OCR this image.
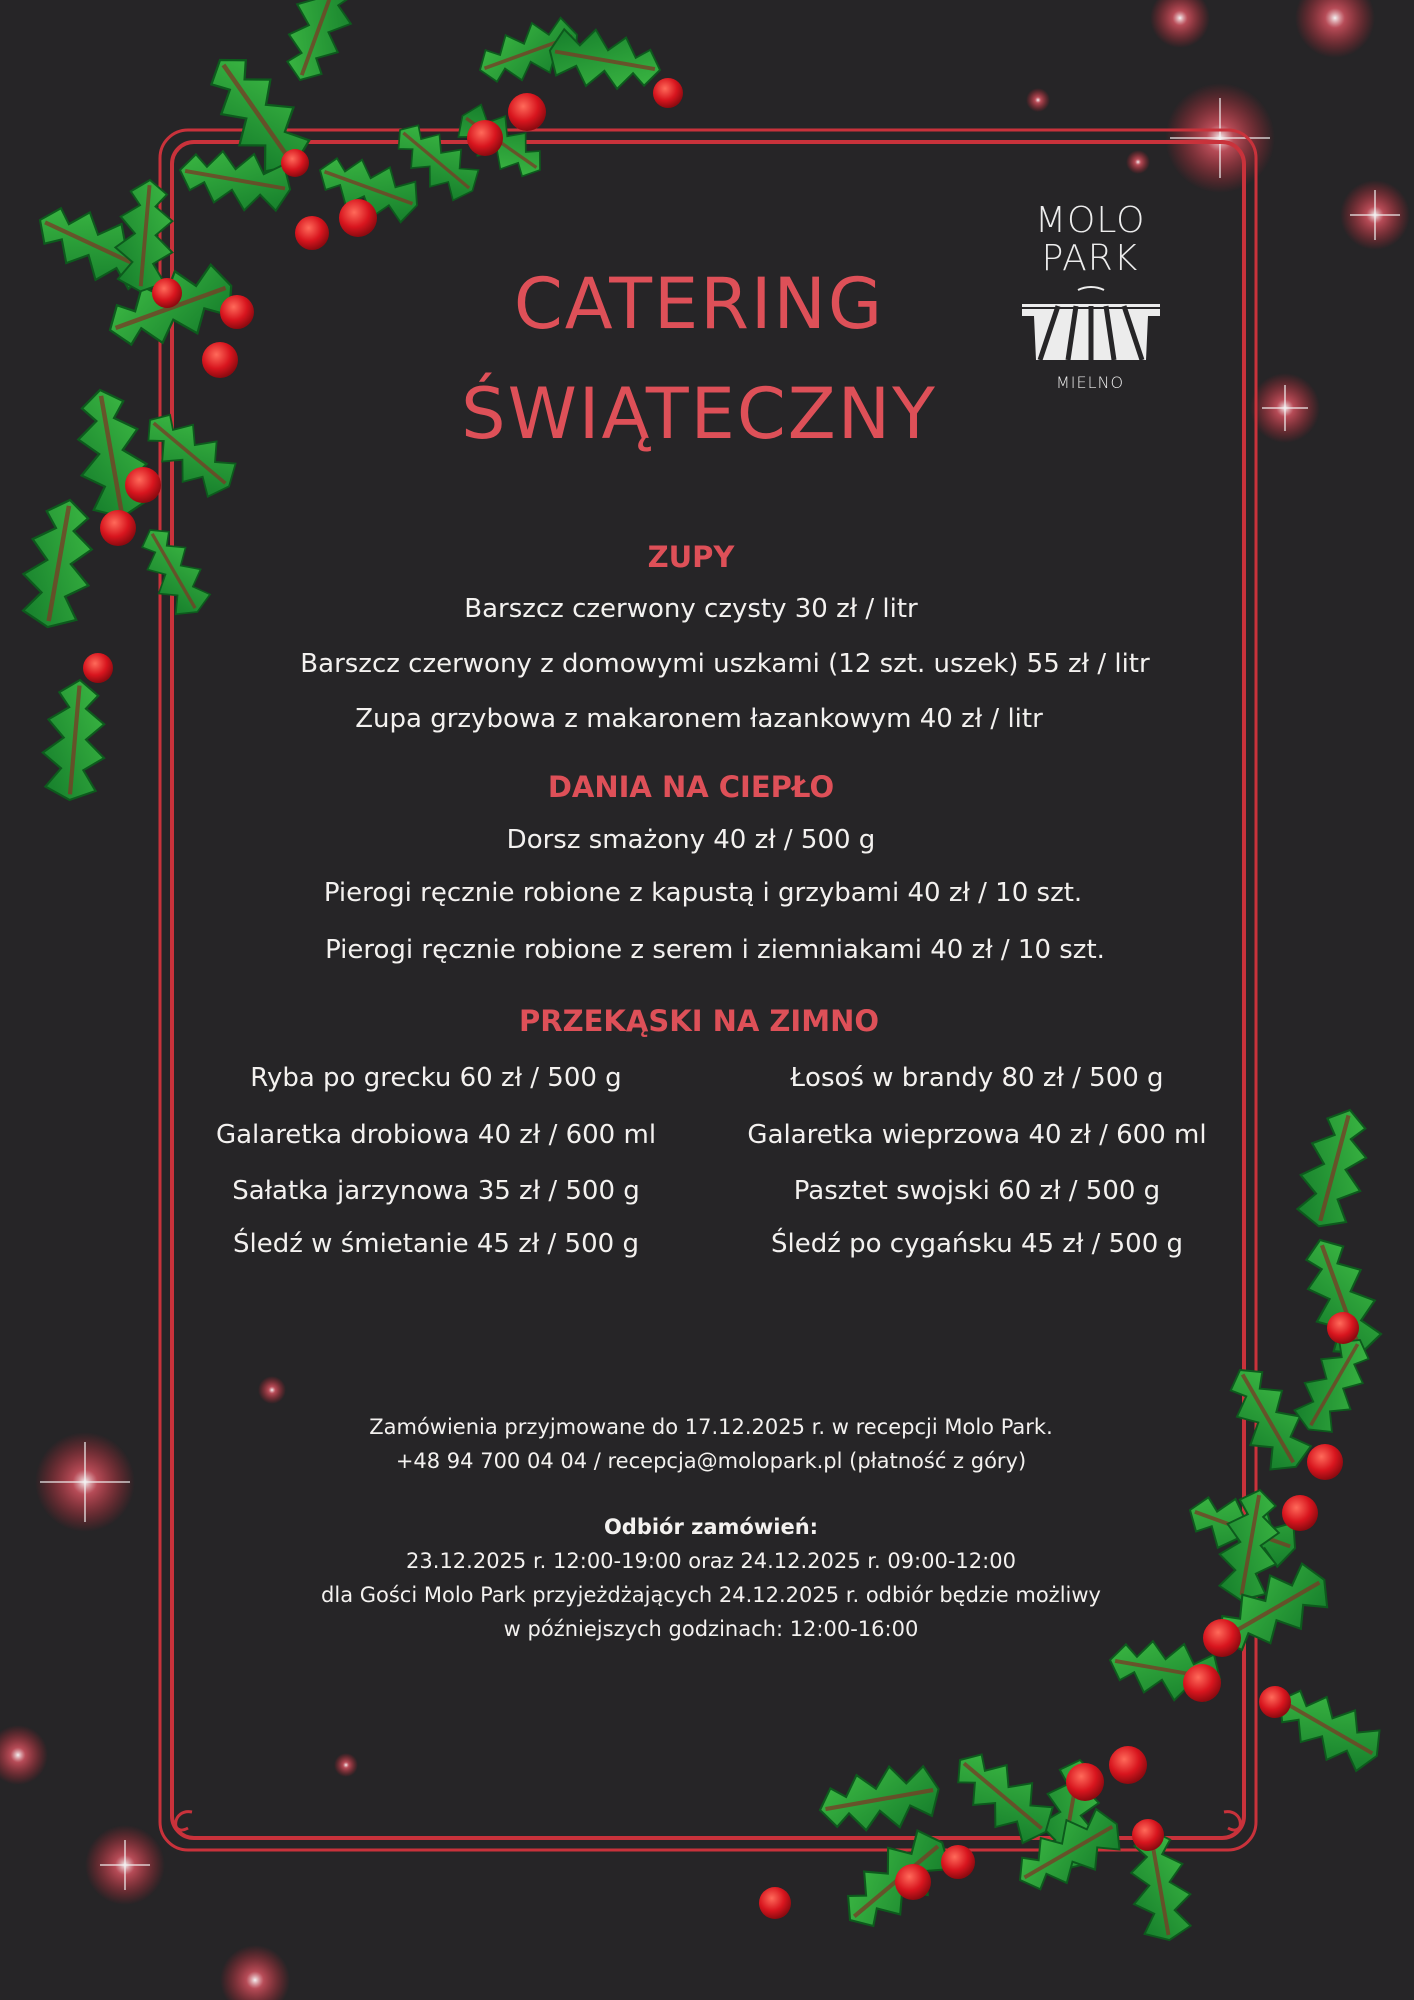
MOLO
PARK
MIELNO
CATERING
ŚWIĄTECZNY
ZUPY
Barszcz czerwony czysty 30 zł / litr
Barszcz czerwony z domowymi uszkami (12 szt. uszek) 55 zł / litr
Zupa grzybowa z makaronem łazankowym 40 zł / litr
DANIA NA CIEPŁO
Dorsz smażony 40 zł / 500 g
Pierogi ręcznie robione z kapustą i grzybami 40 zł / 10 szt.
Pierogi ręcznie robione z serem i ziemniakami 40 zł / 10 szt.
PRZEKĄSKI NA ZIMNO
Ryba po grecku 60 zł / 500 g
Galaretka drobiowa 40 zł / 600 ml
Sałatka jarzynowa 35 zł / 500 g
Śledź w śmietanie 45 zł / 500 g
Łosoś w brandy 80 zł / 500 g
Galaretka wieprzowa 40 zł / 600 ml
Pasztet swojski 60 zł / 500 g
Śledź po cygańsku 45 zł / 500 g
Zamówienia przyjmowane do 17.12.2025 r. w recepcji Molo Park.
+48 94 700 04 04 / recepcja@molopark.pl (płatność z góry)
Odbiór zamówień:
23.12.2025 r. 12:00-19:00 oraz 24.12.2025 r. 09:00-12:00
dla Gości Molo Park przyjeżdżających 24.12.2025 r. odbiór będzie możliwy
w późniejszych godzinach: 12:00-16:00
